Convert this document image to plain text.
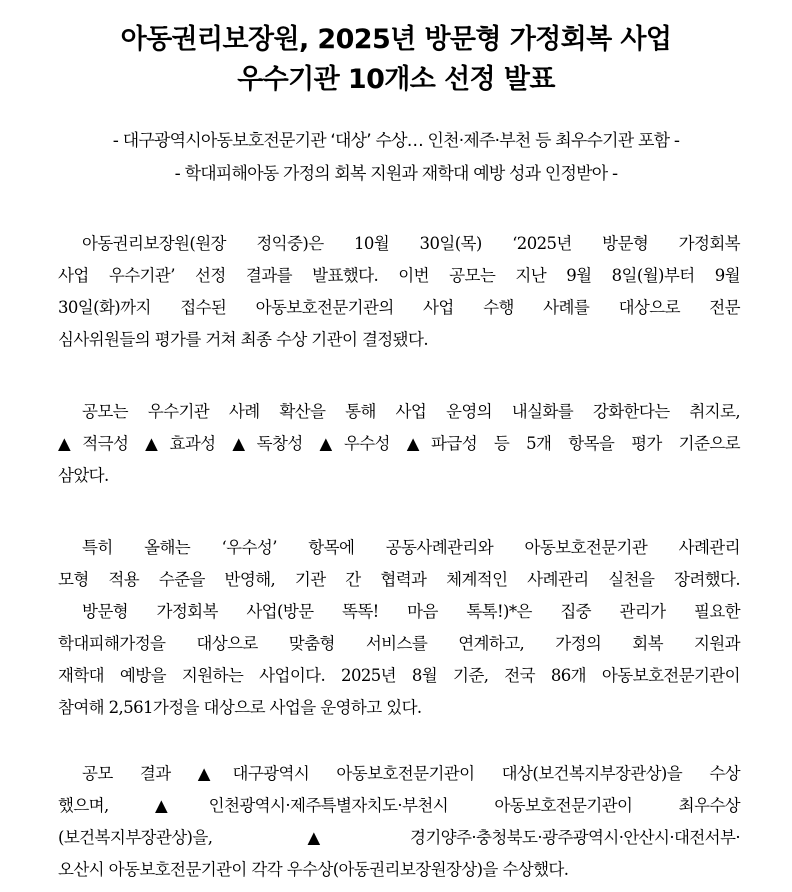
아동권리보장원, 2025년 방문형 가정회복 사업
우수기관 10개소 선정 발표
- 대구광역시아동보호전문기관 ‘대상’ 수상… 인천·제주·부천 등 최우수기관 포함 -
- 학대피해아동 가정의 회복 지원과 재학대 예방 성과 인정받아 -
아동권리보장원(원장 정익중)은 10월 30일(목) ‘2025년 방문형 가정회복
사업 우수기관’ 선정 결과를 발표했다. 이번 공모는 지난 9월 8일(월)부터 9월
30일(화)까지 접수된 아동보호전문기관의 사업 수행 사례를 대상으로 전문
심사위원들의 평가를 거쳐 최종 수상 기관이 결정됐다.
공모는 우수기관 사례 확산을 통해 사업 운영의 내실화를 강화한다는 취지로,
▲적극성 ▲효과성 ▲독창성 ▲우수성 ▲파급성 등 5개 항목을 평가 기준으로
삼았다.
특히 올해는 ‘우수성’ 항목에 공동사례관리와 아동보호전문기관 사례관리
모형 적용 수준을 반영해, 기관 간 협력과 체계적인 사례관리 실천을 장려했다.
방문형 가정회복 사업(방문 똑똑! 마음 톡톡!)*은 집중 관리가 필요한
학대피해가정을 대상으로 맞춤형 서비스를 연계하고, 가정의 회복 지원과
재학대 예방을 지원하는 사업이다. 2025년 8월 기준, 전국 86개 아동보호전문기관이
참여해 2,561가정을 대상으로 사업을 운영하고 있다.
공모 결과 ▲대구광역시 아동보호전문기관이 대상(보건복지부장관상)을 수상
했으며, ▲인천광역시·제주특별자치도·부천시 아동보호전문기관이 최우수상
(보건복지부장관상)을, ▲경기양주·충청북도·광주광역시·안산시·대전서부·
오산시 아동보호전문기관이 각각 우수상(아동권리보장원장상)을 수상했다.
